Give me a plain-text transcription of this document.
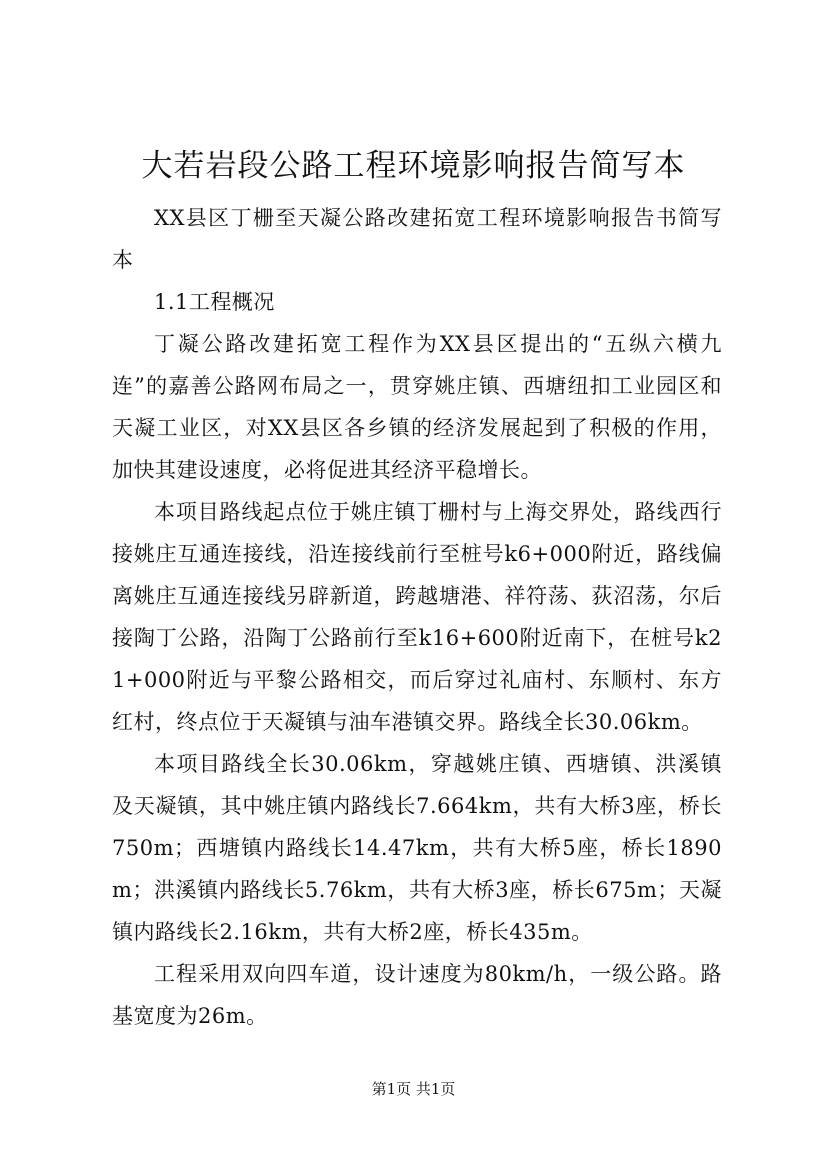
大若岩段公路工程环境影响报告简写本

XX县区丁栅至天凝公路改建拓宽工程环境影响报告书简写本

1.1工程概况

丁凝公路改建拓宽工程作为XX县区提出的“五纵六横九连”的嘉善公路网布局之一，贯穿姚庄镇、西塘纽扣工业园区和天凝工业区，对XX县区各乡镇的经济发展起到了积极的作用，加快其建设速度，必将促进其经济平稳增长。

本项目路线起点位于姚庄镇丁栅村与上海交界处，路线西行接姚庄互通连接线，沿连接线前行至桩号k6+000附近，路线偏离姚庄互通连接线另辟新道，跨越塘港、祥符荡、荻沼荡，尔后接陶丁公路，沿陶丁公路前行至k16+600附近南下，在桩号k21+000附近与平黎公路相交，而后穿过礼庙村、东顺村、东方红村，终点位于天凝镇与油车港镇交界。路线全长30.06km。

本项目路线全长30.06km，穿越姚庄镇、西塘镇、洪溪镇及天凝镇，其中姚庄镇内路线长7.664km，共有大桥3座，桥长750m；西塘镇内路线长14.47km，共有大桥5座，桥长1890m；洪溪镇内路线长5.76km，共有大桥3座，桥长675m；天凝镇内路线长2.16km，共有大桥2座，桥长435m。

工程采用双向四车道，设计速度为80km/h，一级公路。路基宽度为26m。

第1页 共1页
